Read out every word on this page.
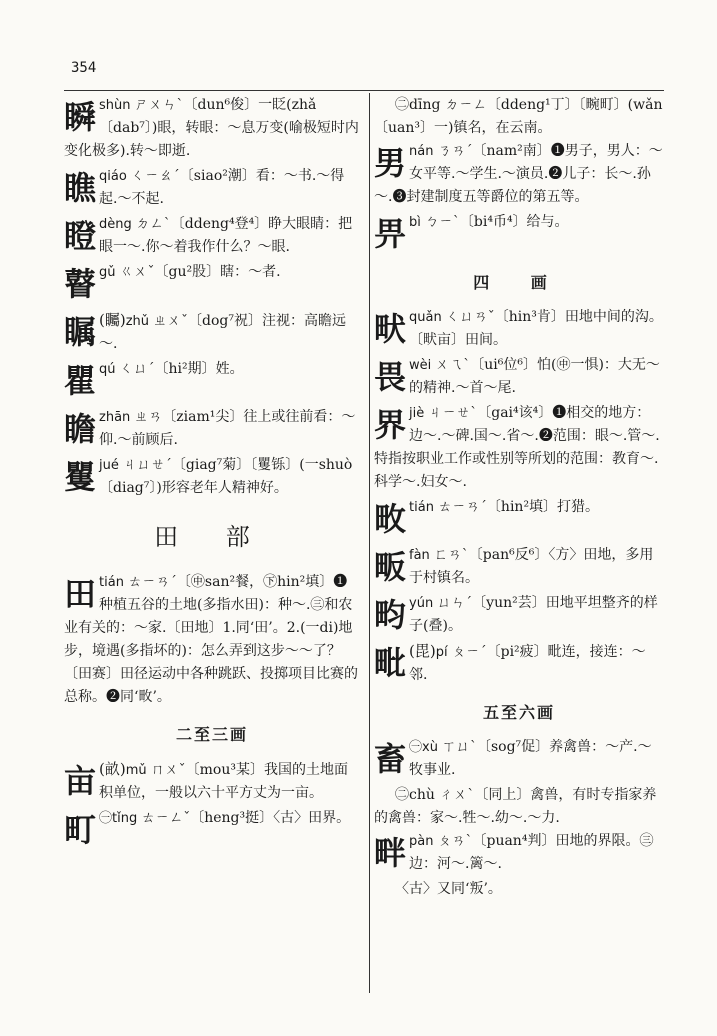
354
瞬shùn ㄕㄨㄣˋ〔dun⁶俊〕一眨(zhǎ〔dab⁷〕)眼，转眼：～息万变(喻极短时内变化极多).转～即逝.
瞧qiáo ㄑㄧㄠˊ〔siao²潮〕看：～书.～得起.～不起.
瞪dèng ㄉㄥˋ〔ddeng⁴登⁴〕睁大眼睛：把眼一～.你～着我作什么？～眼.
瞽gǔ ㄍㄨˇ〔gu²股〕瞎：～者.
瞩 (矚)zhǔ ㄓㄨˇ〔dog⁷祝〕注视：高瞻远～.
瞿qú ㄑㄩˊ〔hi²期〕姓。
瞻zhān ㄓㄢ〔ziam¹尖〕往上或往前看：～仰.～前顾后.
矍jué ㄐㄩㄝˊ〔giag⁷菊〕〔矍铄〕(一shuò〔diag⁷〕)形容老年人精神好。
田 部
田 tián ㄊㄧㄢˊ〔㊥san²餐，㊦hin²填〕❶种植五谷的土地(多指水田)：种～.㊂和农业有关的：～家.〔田地〕1.同‘田’。2.(一di)地步，境遇(多指坏的)：怎么弄到这步～～了？〔田赛〕田径运动中各种跳跃、投掷项目比赛的总称。❷同‘畋’。
二至三画
亩 (畝)mǔ ㄇㄨˇ〔mou³某〕我国的土地面积单位，一般以六十平方丈为一亩。
町 ㊀tǐng ㄊㄧㄥˇ〔heng³挺〕〈古〉田界。
㊁dīng ㄉㄧㄥ〔ddeng¹丁〕〔畹町〕(wǎn〔uan³〕一)镇名，在云南。
男nán ㄋㄢˊ〔nam²南〕❶男子，男人：～女平等.～学生.～演员.❷儿子：长～.孙～.❸封建制度五等爵位的第五等。
畀bì ㄅㄧˋ〔bi⁴币⁴〕给与。
四 画
畎quǎn ㄑㄩㄢˇ〔hin³肯〕田地中间的沟。〔畎亩〕田间。
畏wèi ㄨㄟˋ〔ui⁶位⁶〕怕(㊥一惧)：大无～的精神.～首～尾.
界jiè ㄐㄧㄝˋ〔gai⁴该⁴〕❶相交的地方：边～.～碑.国～.省～.❷范围：眼～.管～.特指按职业工作或性别等所划的范围：教育～.科学～.妇女～.
畋tián ㄊㄧㄢˊ〔hin²填〕打猎。
畈fàn ㄈㄢˋ〔pan⁶反⁶〕〈方〉田地，多用于村镇名。
畇yún ㄩㄣˊ〔yun²芸〕田地平坦整齐的样子(叠)。
毗 (毘)pí ㄆㄧˊ〔pi²疲〕毗连，接连：～邻.
五至六画
畜 ㊀xù ㄒㄩˋ〔sog⁷促〕养禽兽：～产.～牧事业.
㊁chù ㄔㄨˋ〔同上〕禽兽，有时专指家养的禽兽：家～.牲～.幼～.～力.
畔pàn ㄆㄢˋ〔puan⁴判〕田地的界限。㊂边：河～.篱～.
〈古〉又同‘叛’。
